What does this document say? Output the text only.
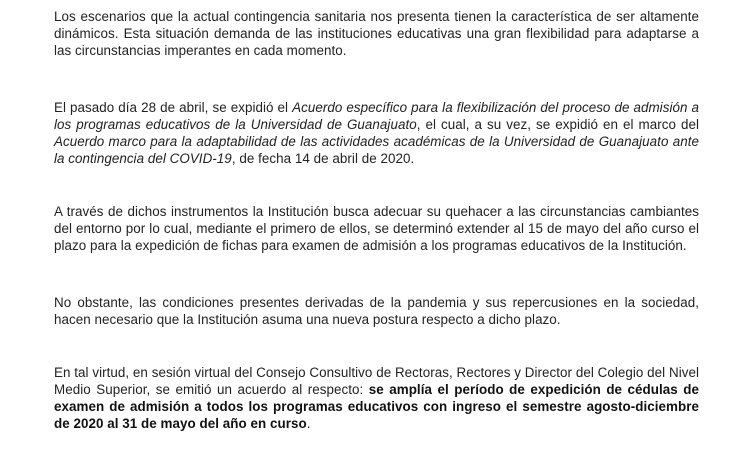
Los escenarios que la actual contingencia sanitaria nos presenta tienen la característica de ser altamente dinámicos. Esta situación demanda de las instituciones educativas una gran flexibilidad para adaptarse a las circunstancias imperantes en cada momento.

El pasado día 28 de abril, se expidió el Acuerdo específico para la flexibilización del proceso de admisión a los programas educativos de la Universidad de Guanajuato, el cual, a su vez, se expidió en el marco del Acuerdo marco para la adaptabilidad de las actividades académicas de la Universidad de Guanajuato ante la contingencia del COVID-19, de fecha 14 de abril de 2020.

A través de dichos instrumentos la Institución busca adecuar su quehacer a las circunstancias cambiantes del entorno por lo cual, mediante el primero de ellos, se determinó extender al 15 de mayo del año curso el plazo para la expedición de fichas para examen de admisión a los programas educativos de la Institución.

No obstante, las condiciones presentes derivadas de la pandemia y sus repercusiones en la sociedad, hacen necesario que la Institución asuma una nueva postura respecto a dicho plazo.

En tal virtud, en sesión virtual del Consejo Consultivo de Rectoras, Rectores y Director del Colegio del Nivel Medio Superior, se emitió un acuerdo al respecto: se amplía el período de expedición de cédulas de examen de admisión a todos los programas educativos con ingreso el semestre agosto-diciembre de 2020 al 31 de mayo del año en curso.
